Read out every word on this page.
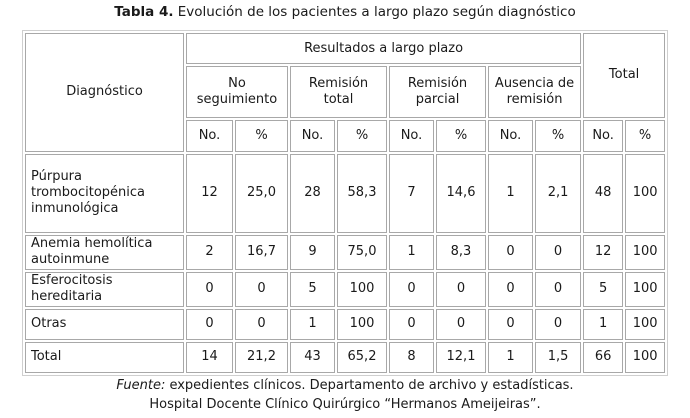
Tabla 4. Evolución de los pacientes a largo plazo según diagnóstico
Diagnóstico	Resultados a largo plazo								Total	
	No seguimiento		Remisión total		Remisión parcial		Ausencia de remisión			
	No.	%	No.	%	No.	%	No.	%	No.	%
Púrpura trombocitopénica inmunológica	12	25,0	28	58,3	7	14,6	1	2,1	48	100
Anemia hemolítica autoinmune	2	16,7	9	75,0	1	8,3	0	0	12	100
Esferocitosis hereditaria	0	0	5	100	0	0	0	0	5	100
Otras	0	0	1	100	0	0	0	0	1	100
Total	14	21,2	43	65,2	8	12,1	1	1,5	66	100
Fuente: expedientes clínicos. Departamento de archivo y estadísticas.
Hospital Docente Clínico Quirúrgico “Hermanos Ameijeiras”.
